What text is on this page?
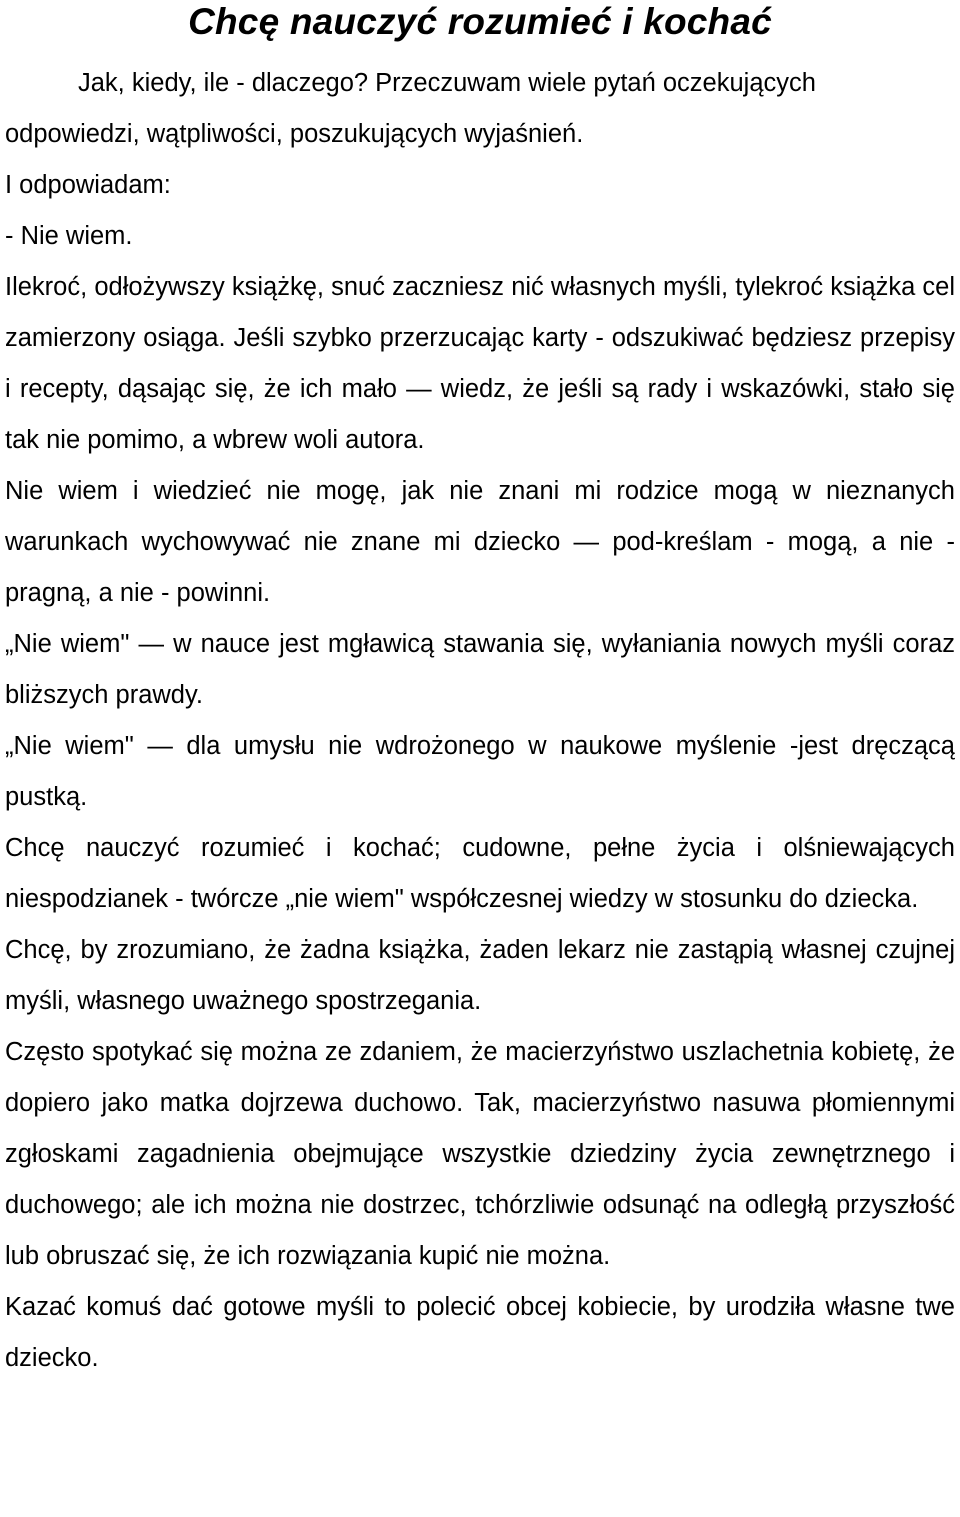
Chcę nauczyć rozumieć i kochać

Jak, kiedy, ile - dlaczego? Przeczuwam wiele pytań oczekujących odpowiedzi, wątpliwości, poszukujących wyjaśnień.

I odpowiadam:

- Nie wiem.

Ilekroć, odłożywszy książkę, snuć zaczniesz nić własnych myśli, tylekroć książka cel zamierzony osiąga. Jeśli szybko przerzucając karty - odszukiwać będziesz przepisy i recepty, dąsając się, że ich mało — wiedz, że jeśli są rady i wskazówki, stało się tak nie pomimo, a wbrew woli autora.

Nie wiem i wiedzieć nie mogę, jak nie znani mi rodzice mogą w nieznanych warunkach wychowywać nie znane mi dziecko — pod-kreślam - mogą, a nie - pragną, a nie - powinni.

„Nie wiem" — w nauce jest mgławicą stawania się, wyłaniania nowych myśli coraz bliższych prawdy.

„Nie wiem" — dla umysłu nie wdrożonego w naukowe myślenie -jest dręczącą pustką.

Chcę nauczyć rozumieć i kochać; cudowne, pełne życia i olśniewających niespodzianek - twórcze „nie wiem" współczesnej wiedzy w stosunku do dziecka.

Chcę, by zrozumiano, że żadna książka, żaden lekarz nie zastąpią własnej czujnej myśli, własnego uważnego spostrzegania.

Często spotykać się można ze zdaniem, że macierzyństwo uszlachetnia kobietę, że dopiero jako matka dojrzewa duchowo. Tak, macierzyństwo nasuwa płomiennymi zgłoskami zagadnienia obejmujące wszystkie dziedziny życia zewnętrznego i duchowego; ale ich można nie dostrzec, tchórzliwie odsunąć na odległą przyszłość lub obruszać się, że ich rozwiązania kupić nie można.

Kazać komuś dać gotowe myśli to polecić obcej kobiecie, by urodziła własne twe dziecko.
